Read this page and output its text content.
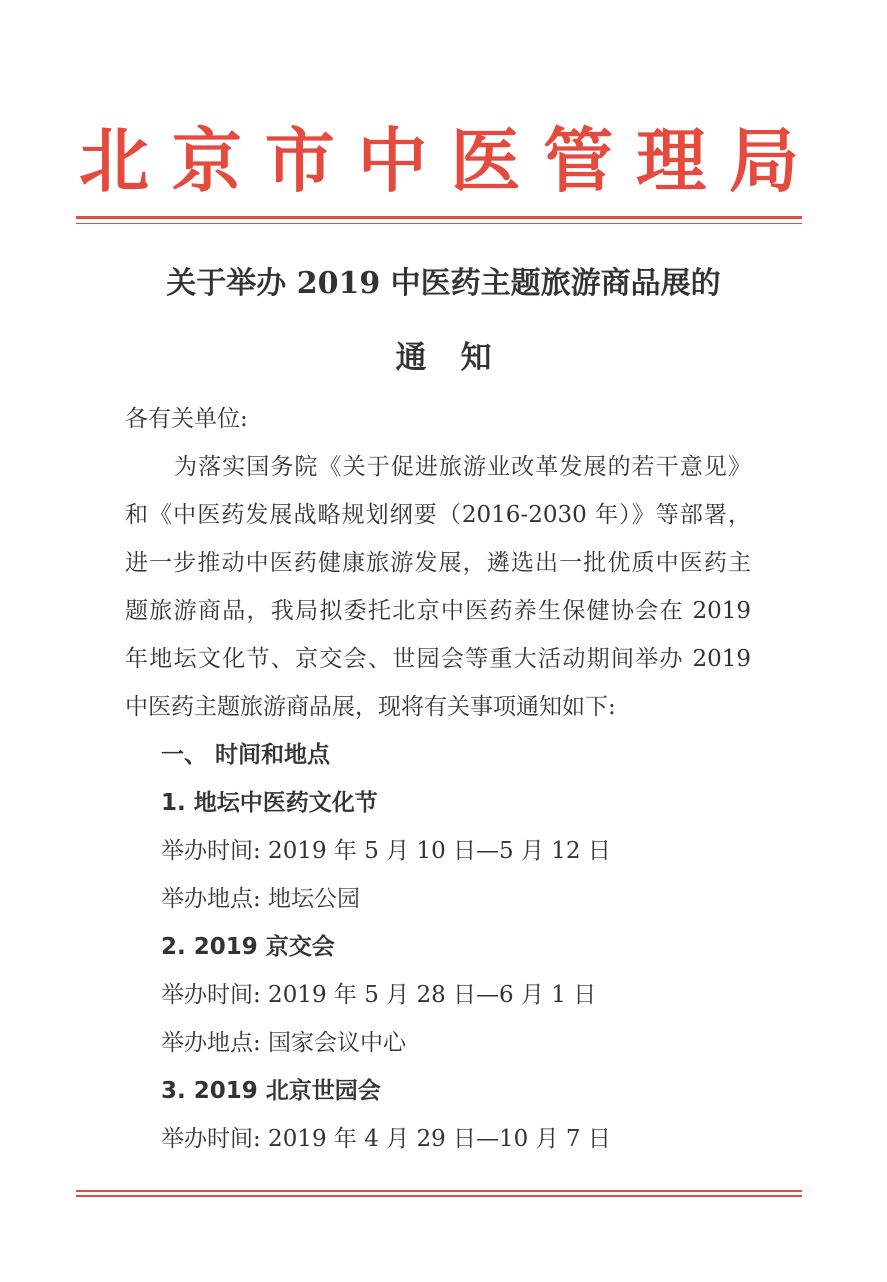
北 京 市 中 医 管 理 局
关于举办 2019 中医药主题旅游商品展的
通知
各有关单位:
为落实国务院《关于促进旅游业改革发展的若干意见》
和《中医药发展战略规划纲要（2016-2030 年）》等部署，
进一步推动中医药健康旅游发展，遴选出一批优质中医药主
题旅游商品，我局拟委托北京中医药养生保健协会在 2019
年地坛文化节、京交会、世园会等重大活动期间举办 2019
中医药主题旅游商品展，现将有关事项通知如下:
一、 时间和地点
1. 地坛中医药文化节
举办时间: 2019 年 5 月 10 日—5 月 12 日
举办地点: 地坛公园
2. 2019 京交会
举办时间: 2019 年 5 月 28 日—6 月 1 日
举办地点: 国家会议中心
3. 2019 北京世园会
举办时间: 2019 年 4 月 29 日—10 月 7 日
